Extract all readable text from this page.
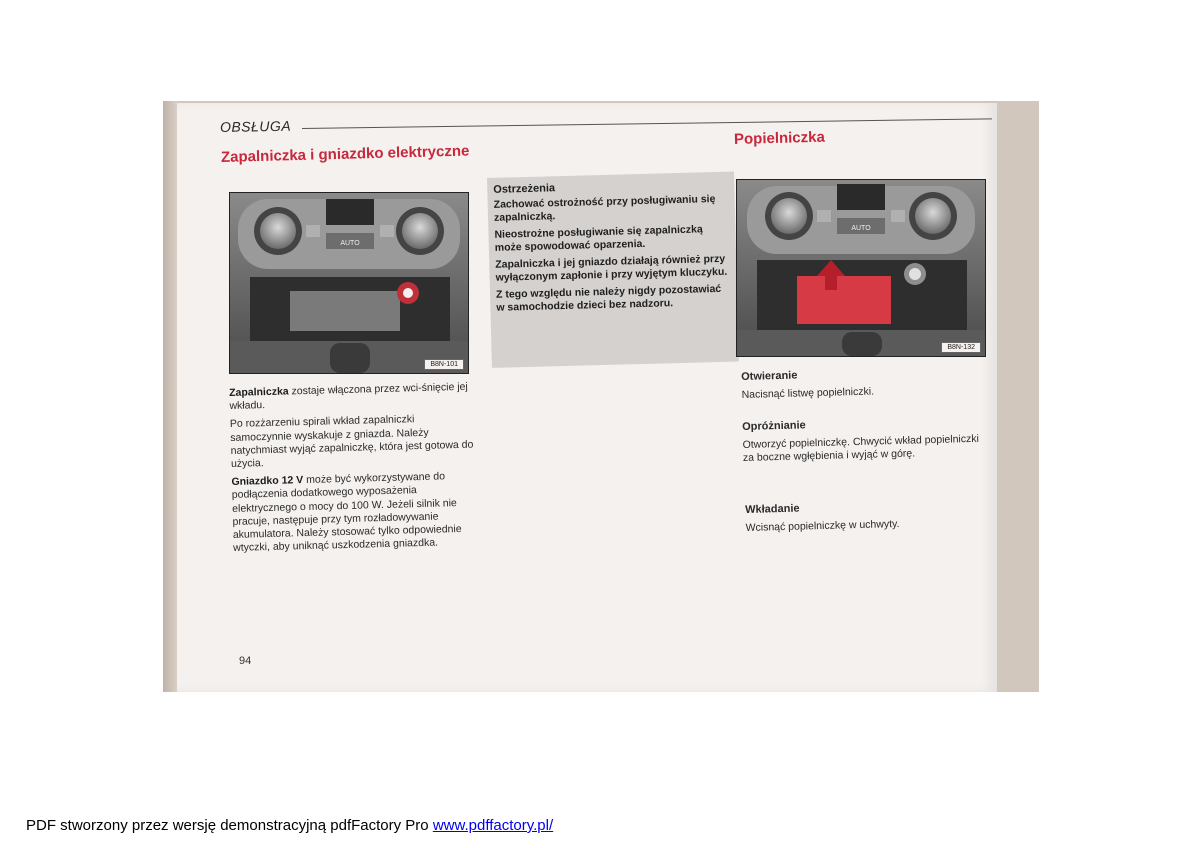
OBSŁUGA
Zapalniczka i gniazdko elektryczne
AUTO
B8N-101

Zapalniczka zostaje włączona przez wci-śnięcie jej wkładu.

Po rozżarzeniu spirali wkład zapalniczki samoczynnie wyskakuje z gniazda. Należy natychmiast wyjąć zapalniczkę, która jest gotowa do użycia.

Gniazdko 12 V może być wykorzystywane do podłączenia dodatkowego wyposażenia elektrycznego o mocy do 100 W. Jeżeli silnik nie pracuje, następuje przy tym rozładowywanie akumulatora. Należy stosować tylko odpowiednie wtyczki, aby uniknąć uszkodzenia gniazdka.

Ostrzeżenia
Zachować ostrożność przy posługiwaniu się zapalniczką.
Nieostrożne posługiwanie się zapalniczką może spowodować oparzenia.
Zapalniczka i jej gniazdo działają również przy wyłączonym zapłonie i przy wyjętym kluczyku.
Z tego względu nie należy nigdy pozostawiać w samochodzie dzieci bez nadzoru.
Popielniczka
AUTO
B8N-132
Otwieranie
Nacisnąć listwę popielniczki.
Opróżnianie
Otworzyć popielniczkę. Chwycić wkład popielniczki za boczne wgłębienia i wyjąć w górę.
Wkładanie
Wcisnąć popielniczkę w uchwyty.
94
PDF stworzony przez wersję demonstracyjną pdfFactory Pro www.pdffactory.pl/
